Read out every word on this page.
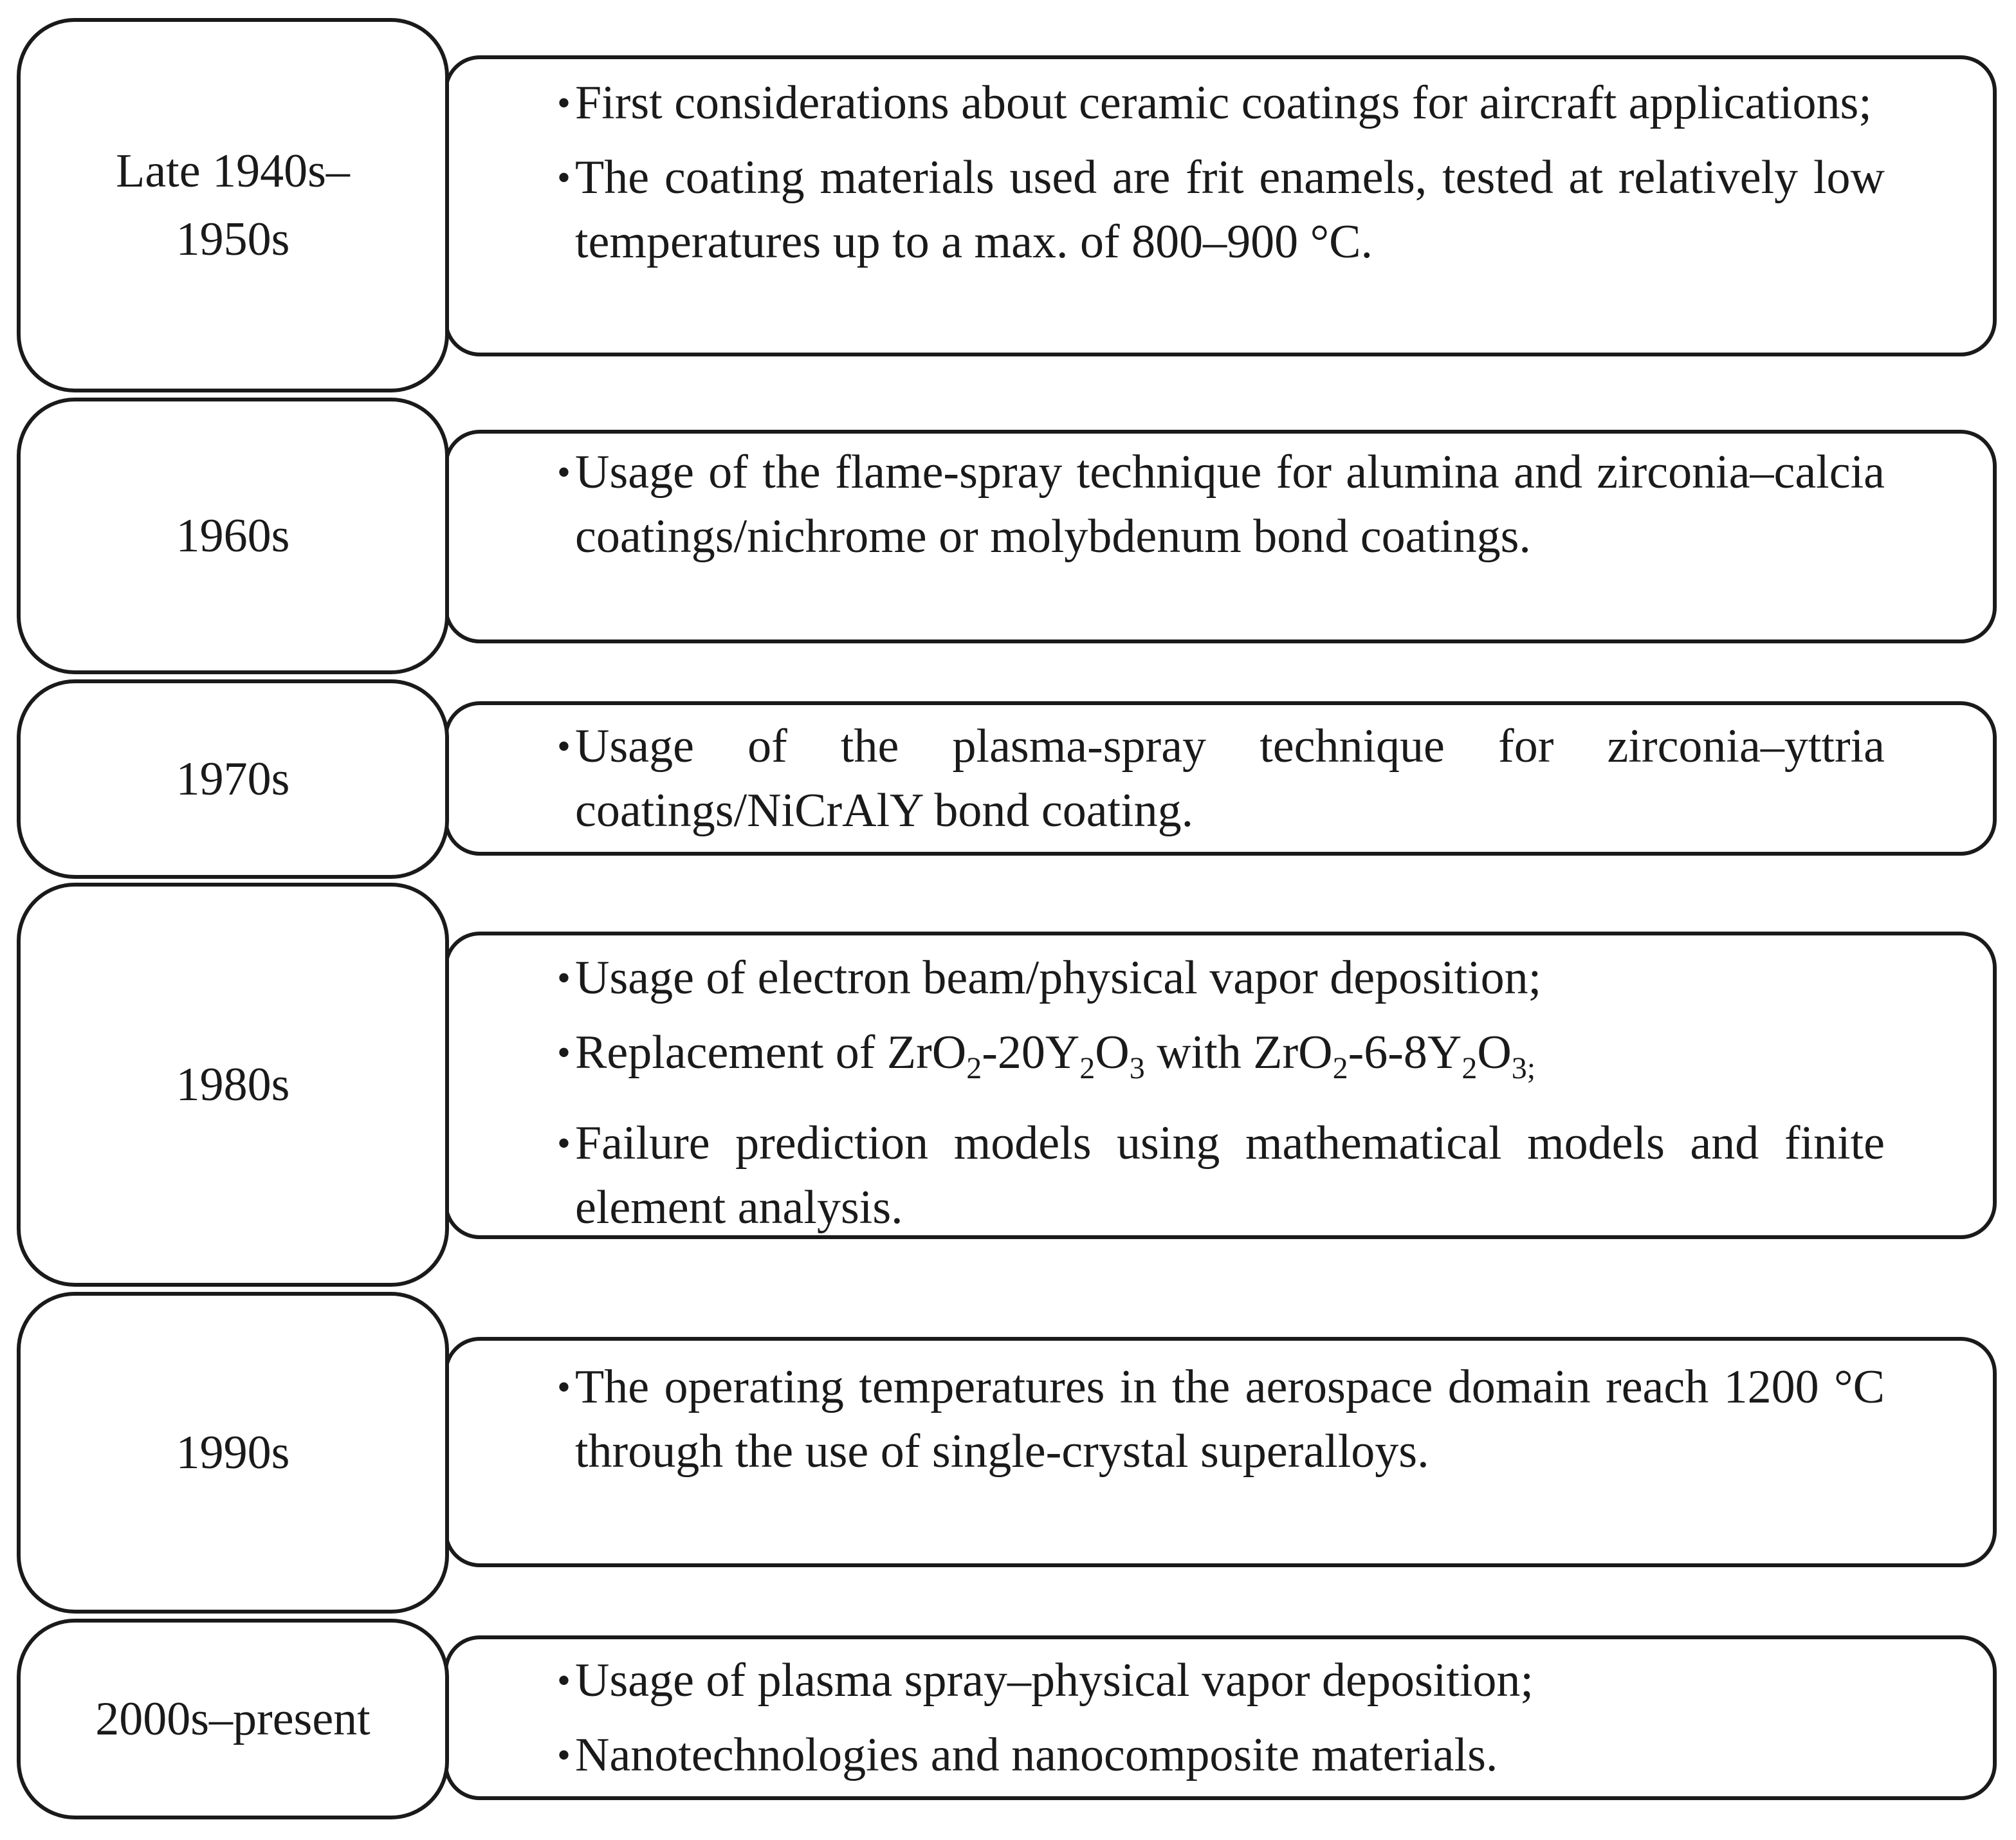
Late 1940s–
1950s
• First considerations about ceramic coatings for aircraft applications;
• The coating materials used are frit enamels, tested at relatively low temperatures up to a max. of 800–900 °C.
1960s
• Usage of the flame-spray technique for alumina and zirconia–calcia coatings/nichrome or molybdenum bond coatings.
1970s
• Usage of the plasma-spray technique for zirconia–yttria coatings/NiCrAlY bond coating.
1980s
• Usage of electron beam/physical vapor deposition;
• Replacement of $ZrO_2-20Y_2O_3$ with $ZrO_2-6-8Y_2O_{3;}$
• Failure prediction models using mathematical models and finite element analysis.
1990s
• The operating temperatures in the aerospace domain reach 1200 °C through the use of single-crystal superalloys.
2000s–present
• Usage of plasma spray–physical vapor deposition;
• Nanotechnologies and nanocomposite materials.
